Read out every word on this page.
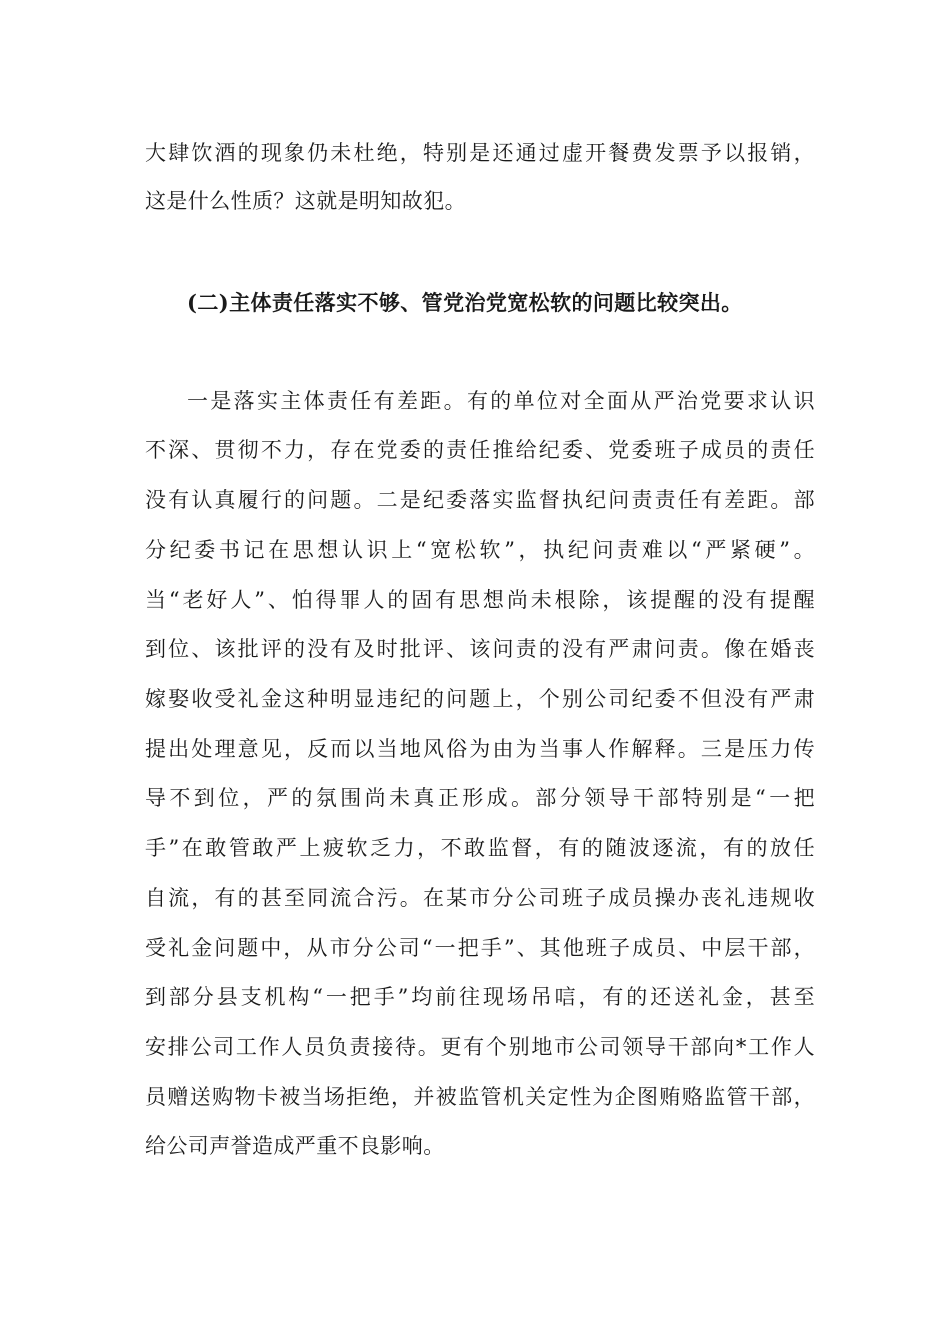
大肆饮酒的现象仍未杜绝，特别是还通过虚开餐费发票予以报销，
这是什么性质？这就是明知故犯。
(二)主体责任落实不够、管党治党宽松软的问题比较突出。
一是落实主体责任有差距。有的单位对全面从严治党要求认识
不深、贯彻不力，存在党委的责任推给纪委、党委班子成员的责任
没有认真履行的问题。二是纪委落实监督执纪问责责任有差距。部
分纪委书记在思想认识上“宽松软”，执纪问责难以“严紧硬”。
当“老好人”、怕得罪人的固有思想尚未根除，该提醒的没有提醒
到位、该批评的没有及时批评、该问责的没有严肃问责。像在婚丧
嫁娶收受礼金这种明显违纪的问题上，个别公司纪委不但没有严肃
提出处理意见，反而以当地风俗为由为当事人作解释。三是压力传
导不到位，严的氛围尚未真正形成。部分领导干部特别是“一把
手”在敢管敢严上疲软乏力，不敢监督，有的随波逐流，有的放任
自流，有的甚至同流合污。在某市分公司班子成员操办丧礼违规收
受礼金问题中，从市分公司“一把手”、其他班子成员、中层干部，
到部分县支机构“一把手”均前往现场吊唁，有的还送礼金，甚至
安排公司工作人员负责接待。更有个别地市公司领导干部向*工作人
员赠送购物卡被当场拒绝，并被监管机关定性为企图贿赂监管干部，
给公司声誉造成严重不良影响。
